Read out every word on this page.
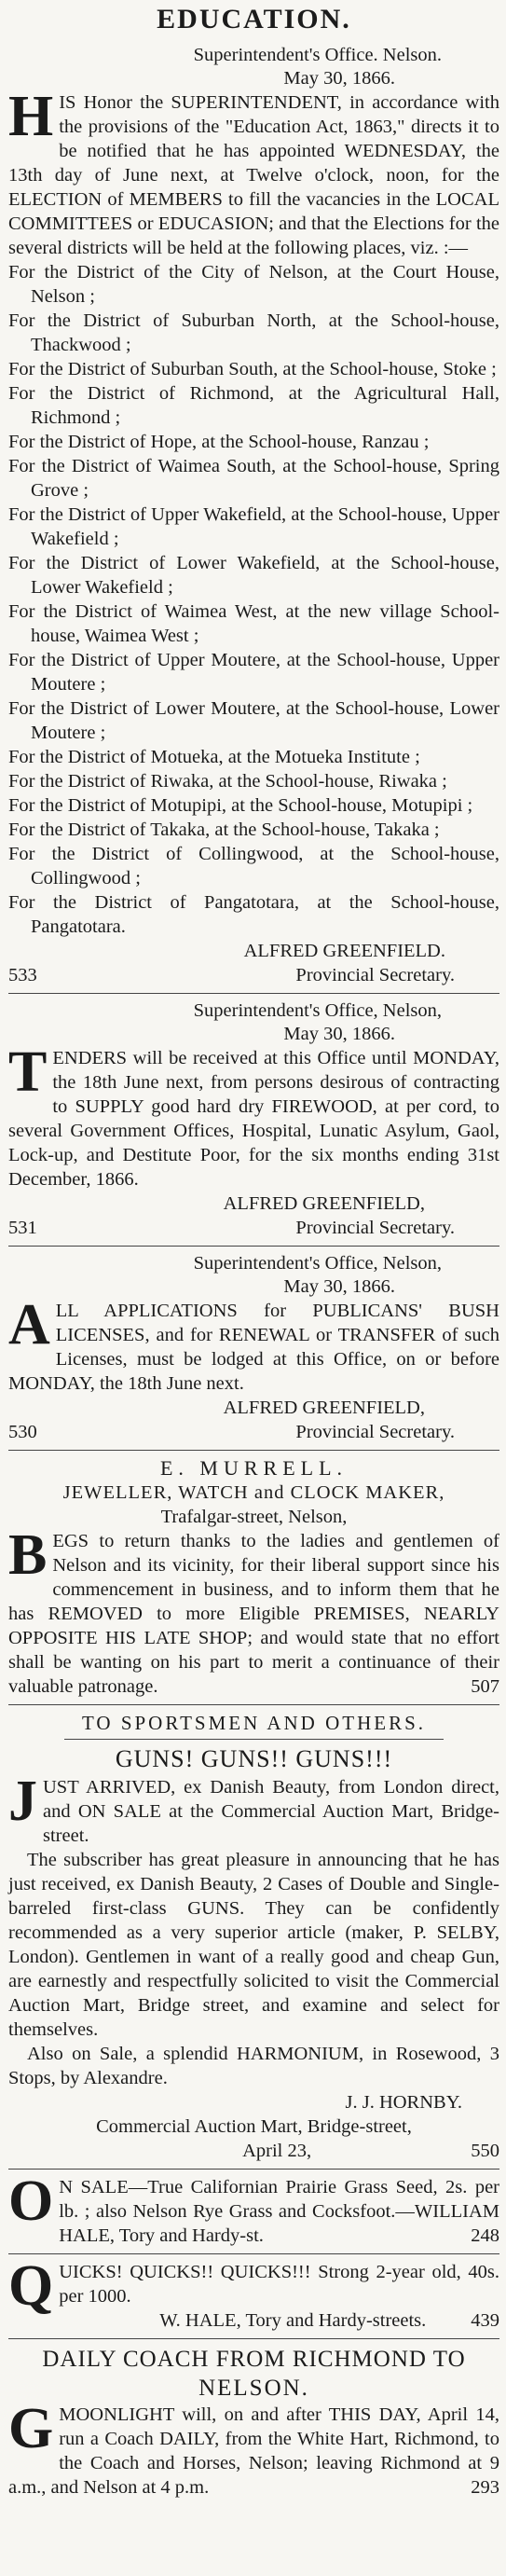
EDUCATION.
Superintendent's Office. Nelson.
May 30, 1866.
HIS Honor the SUPERINTENDENT, in accordance with the provisions of the "Education Act, 1863," directs it to be notified that he has appointed WEDNESDAY, the 13th day of June next, at Twelve o'clock, noon, for the ELECTION of MEMBERS to fill the vacancies in the LOCAL COMMITTEES or EDUCASION; and that the Elections for the several districts will be held at the following places, viz. :—
For the District of the City of Nelson, at the Court House, Nelson ;
For the District of Suburban North, at the School-house, Thackwood ;
For the District of Suburban South, at the School-house, Stoke ;
For the District of Richmond, at the Agricultural Hall, Richmond ;
For the District of Hope, at the School-house, Ranzau ;
For the District of Waimea South, at the School-house, Spring Grove ;
For the District of Upper Wakefield, at the School-house, Upper Wakefield ;
For the District of Lower Wakefield, at the School-house, Lower Wakefield ;
For the District of Waimea West, at the new village School-house, Waimea West ;
For the District of Upper Moutere, at the School-house, Upper Moutere ;
For the District of Lower Moutere, at the School-house, Lower Moutere ;
For the District of Motueka, at the Motueka Institute ;
For the District of Riwaka, at the School-house, Riwaka ;
For the District of Motupipi, at the School-house, Motupipi ;
For the District of Takaka, at the School-house, Takaka ;
For the District of Collingwood, at the School-house, Collingwood ;
For the District of Pangatotara, at the School-house, Pangatotara.
ALFRED GREENFIELD.
533	Provincial Secretary.
Superintendent's Office, Nelson,
May 30, 1866.
TENDERS will be received at this Office until MONDAY, the 18th June next, from persons desirous of contracting to SUPPLY good hard dry FIREWOOD, at per cord, to several Government Offices, Hospital, Lunatic Asylum, Gaol, Lock-up, and Destitute Poor, for the six months ending 31st December, 1866.
ALFRED GREENFIELD,
531	Provincial Secretary.
Superintendent's Office, Nelson,
May 30, 1866.
ALL APPLICATIONS for PUBLICANS' BUSH LICENSES, and for RENEWAL or TRANSFER of such Licenses, must be lodged at this Office, on or before MONDAY, the 18th June next.
ALFRED GREENFIELD,
530	Provincial Secretary.
E. MURRELL.
JEWELLER, WATCH and CLOCK MAKER,
Trafalgar-street, Nelson,
BEGS to return thanks to the ladies and gentlemen of Nelson and its vicinity, for their liberal support since his commencement in business, and to inform them that he has REMOVED to more Eligible PREMISES, NEARLY OPPOSITE HIS LATE SHOP; and would state that no effort shall be wanting on his part to merit a continuance of their valuable patronage.	507
TO SPORTSMEN AND OTHERS.
GUNS! GUNS!! GUNS!!!
JUST ARRIVED, ex Danish Beauty, from London direct, and ON SALE at the Commercial Auction Mart, Bridge-street.
The subscriber has great pleasure in announcing that he has just received, ex Danish Beauty, 2 Cases of Double and Single-barreled first-class GUNS. They can be confidently recommended as a very superior article (maker, P. SELBY, London). Gentlemen in want of a really good and cheap Gun, are earnestly and respectfully solicited to visit the Commercial Auction Mart, Bridge street, and examine and select for themselves.
Also on Sale, a splendid HARMONIUM, in Rosewood, 3 Stops, by Alexandre.
J. J. HORNBY.
Commercial Auction Mart, Bridge-street,
April 23,	550
O N SALE—True Californian Prairie Grass Seed, 2s. per lb. ; also Nelson Rye Grass and Cocksfoot.—WILLIAM HALE, Tory and Hardy-st.	248
QUICKS! QUICKS!! QUICKS!!! Strong 2-year old, 40s. per 1000.
W. HALE, Tory and Hardy-streets.	439
DAILY COACH FROM RICHMOND TO
NELSON.
GMOONLIGHT will, on and after THIS DAY, April 14, run a Coach DAILY, from the White Hart, Richmond, to the Coach and Horses, Nelson; leaving Richmond at 9 a.m., and Nelson at 4 p.m.	293
